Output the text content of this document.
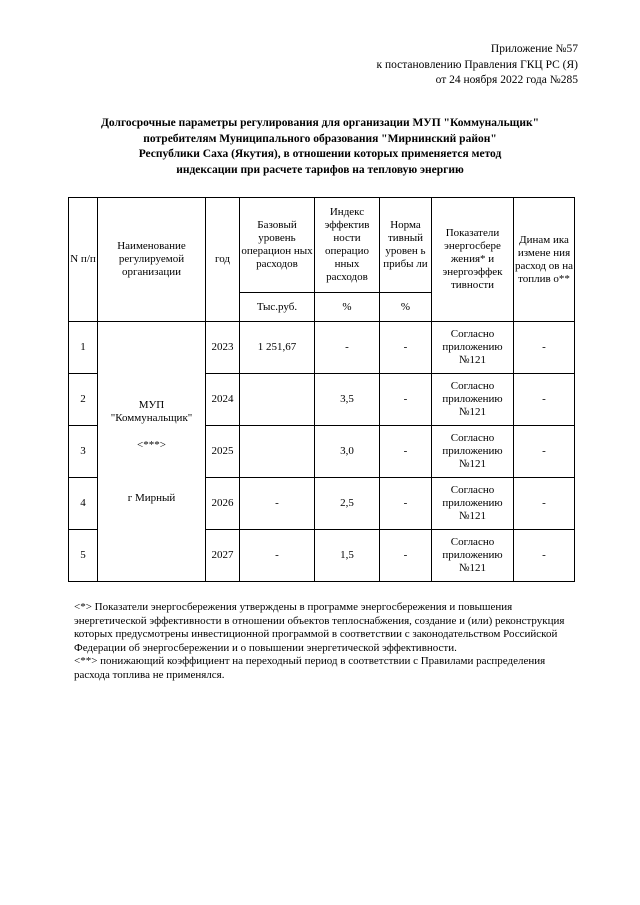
Приложение №57
к постановлению Правления ГКЦ РС (Я)
от 24 ноября 2022 года №285
Долгосрочные параметры регулирования для организации МУП "Коммунальщик"
потребителям Муниципального образования "Мирнинский район"
Республики Саха (Якутия), в отношении которых применяется метод
индексации при расчете тарифов на тепловую энергию
N п/п	Наименование регулируемой организации	год	Базовый уровень операцион ных расходов	Индекс эффектив ности операцио нных расходов	Норма тивный уровен ь прибы ли	Показатели энергосбере жения* и энергоэффек тивности	Динам ика измене ния расход ов на топлив о**

			Тыс.руб.	%	%		
1	МУП "Коммунальщик"
<***>
г Мирный	2023	1 251,67	-	-	Согласно приложению №121	-
2		2024		3,5	-	Согласно приложению №121	-
3		2025		3,0	-	Согласно приложению №121	-
4		2026	-	2,5	-	Согласно приложению №121	-
5		2027	-	1,5	-	Согласно приложению №121	-

<*> Показатели энергосбережения утверждены в программе энергосбережения и повышения энергетической эффективности в отношении объектов теплоснабжения, создание и (или) реконструкция которых предусмотрены инвестиционной программой в соответствии с законодательством Российской Федерации об энергосбережении и о повышении энергетической эффективности.

<**> понижающий коэффициент на переходный период в соответствии с Правилами распределения расхода топлива не применялся.
